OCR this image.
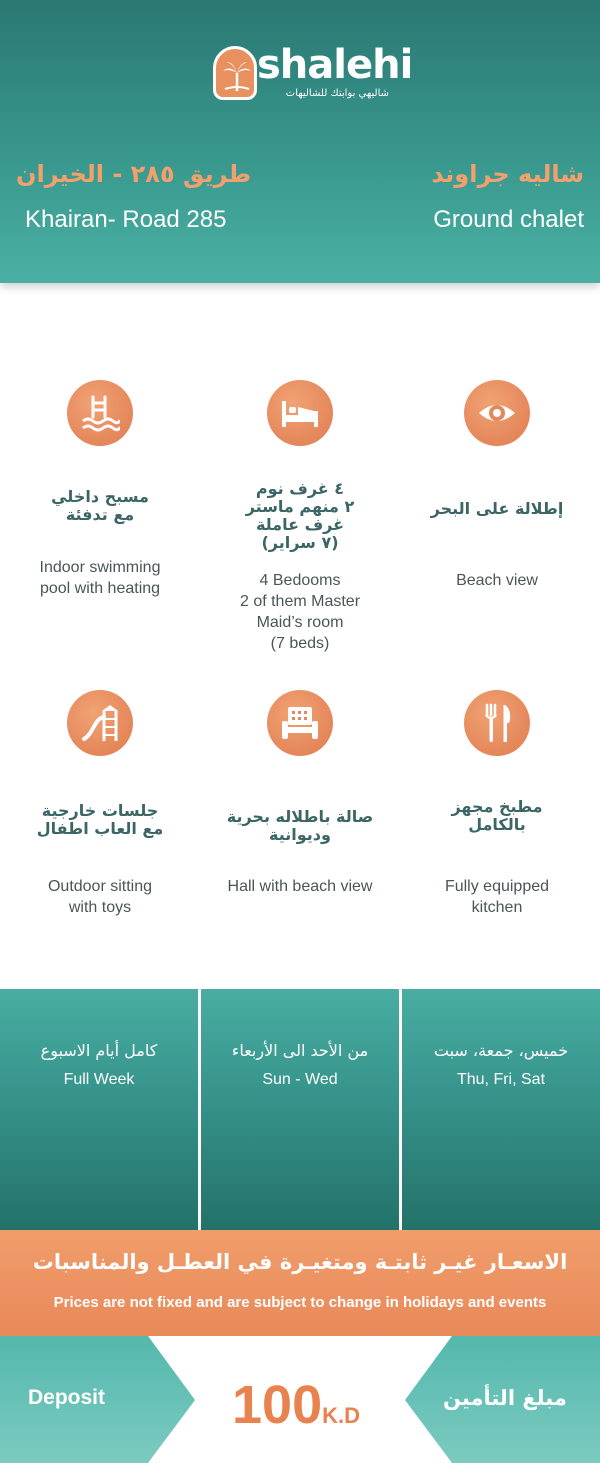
shalehi
شاليهي بوابتك للشاليهات
طريق ٢٨٥ - الخيران
Khairan- Road 285
شاليه جراوند
Ground chalet
مسبح داخلي
مع تدفئة
Indoor swimming
pool with heating
٤ غرف نوم
٢ منهم ماستر
غرف عاملة
(٧ سراير)
4 Bedooms
2 of them Master
Maid’s room
(7 beds)
إطلالة على البحر
Beach view
جلسات خارجية
مع العاب اطفال
Outdoor sitting
with toys
صالة باطلاله بحرية
وديوانية
Hall with beach view
مطبخ مجهز
بالكامل
Fully equipped
kitchen
كامل أيام الاسبوع
Full Week
من الأحد الى الأربعاء
Sun - Wed
خميس، جمعة، سبت
Thu, Fri, Sat
الاسعـار غيـر ثابتـة ومتغيـرة في العطـل والمناسبات
Prices are not fixed and are subject to change in holidays and events
Deposit 100K.D
مبلغ التأمين
